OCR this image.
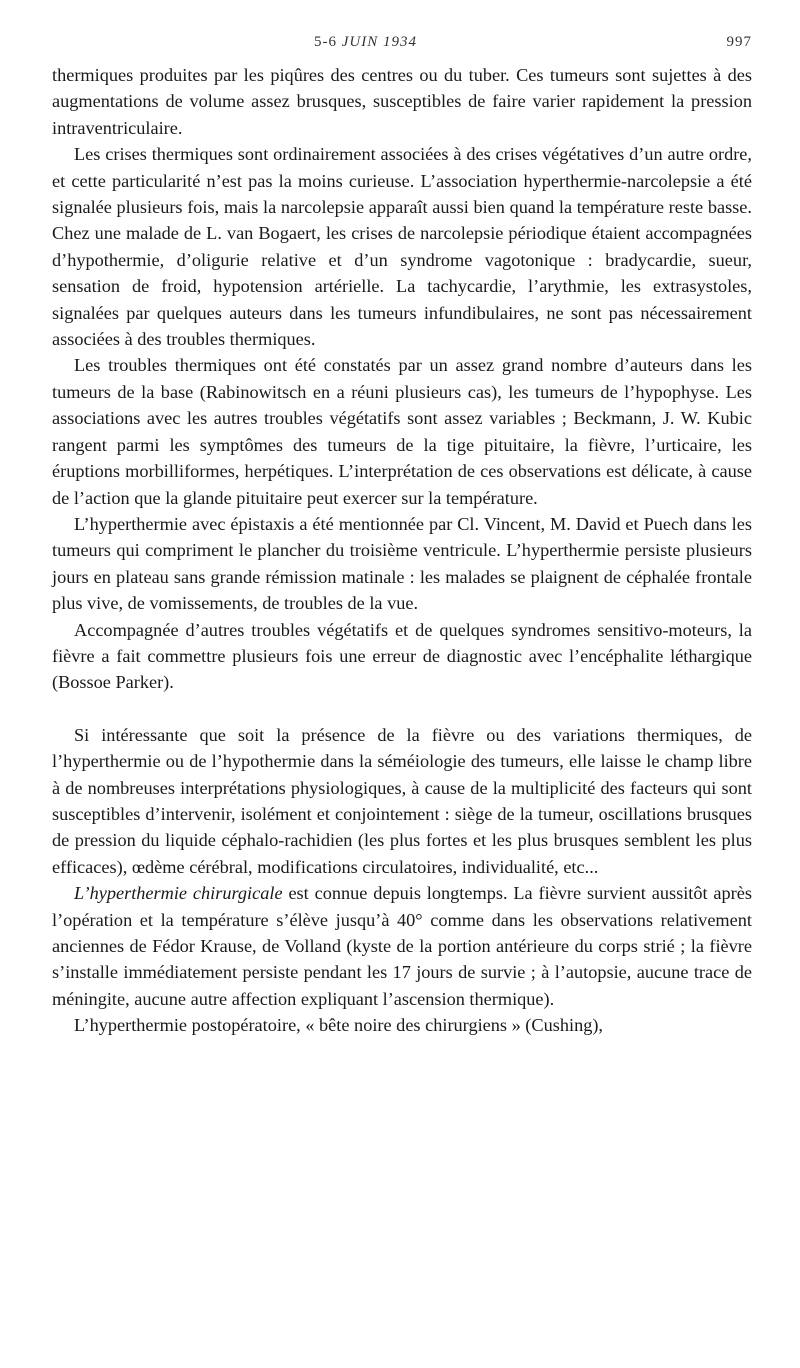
5-6 JUIN 1934	997

thermiques produites par les piqûres des centres ou du tuber. Ces tumeurs sont sujettes à des augmentations de volume assez brusques, susceptibles de faire varier rapidement la pression intraventriculaire.

Les crises thermiques sont ordinairement associées à des crises végétatives d’un autre ordre, et cette particularité n’est pas la moins curieuse. L’association hyperthermie-narcolepsie a été signalée plusieurs fois, mais la narcolepsie apparaît aussi bien quand la température reste basse. Chez une malade de L. van Bogaert, les crises de narcolepsie périodique étaient accompagnées d’hypothermie, d’oligurie relative et d’un syndrome vagotonique : bradycardie, sueur, sensation de froid, hypotension artérielle. La tachycardie, l’arythmie, les extrasystoles, signalées par quelques auteurs dans les tumeurs infundibulaires, ne sont pas nécessairement associées à des troubles thermiques.

Les troubles thermiques ont été constatés par un assez grand nombre d’auteurs dans les tumeurs de la base (Rabinowitsch en a réuni plusieurs cas), les tumeurs de l’hypophyse. Les associations avec les autres troubles végétatifs sont assez variables ; Beckmann, J. W. Kubic rangent parmi les symptômes des tumeurs de la tige pituitaire, la fièvre, l’urticaire, les éruptions morbilliformes, herpétiques. L’interprétation de ces observations est délicate, à cause de l’action que la glande pituitaire peut exercer sur la température.

L’hyperthermie avec épistaxis a été mentionnée par Cl. Vincent, M. David et Puech dans les tumeurs qui compriment le plancher du troisième ventricule. L’hyperthermie persiste plusieurs jours en plateau sans grande rémission matinale : les malades se plaignent de céphalée frontale plus vive, de vomissements, de troubles de la vue.

Accompagnée d’autres troubles végétatifs et de quelques syndromes sensitivo-moteurs, la fièvre a fait commettre plusieurs fois une erreur de diagnostic avec l’encéphalite léthargique (Bossoe Parker).

Si intéressante que soit la présence de la fièvre ou des variations thermiques, de l’hyperthermie ou de l’hypothermie dans la séméiologie des tumeurs, elle laisse le champ libre à de nombreuses interprétations physiologiques, à cause de la multiplicité des facteurs qui sont susceptibles d’intervenir, isolément et conjointement : siège de la tumeur, oscillations brusques de pression du liquide céphalo-rachidien (les plus fortes et les plus brusques semblent les plus efficaces), œdème cérébral, modifications circulatoires, individualité, etc...

L’hyperthermie chirurgicale est connue depuis longtemps. La fièvre survient aussitôt après l’opération et la température s’élève jusqu’à 40° comme dans les observations relativement anciennes de Fédor Krause, de Volland (kyste de la portion antérieure du corps strié ; la fièvre s’installe immédiatement persiste pendant les 17 jours de survie ; à l’autopsie, aucune trace de méningite, aucune autre affection expliquant l’ascension thermique).

L’hyperthermie postopératoire, « bête noire des chirurgiens » (Cushing),
